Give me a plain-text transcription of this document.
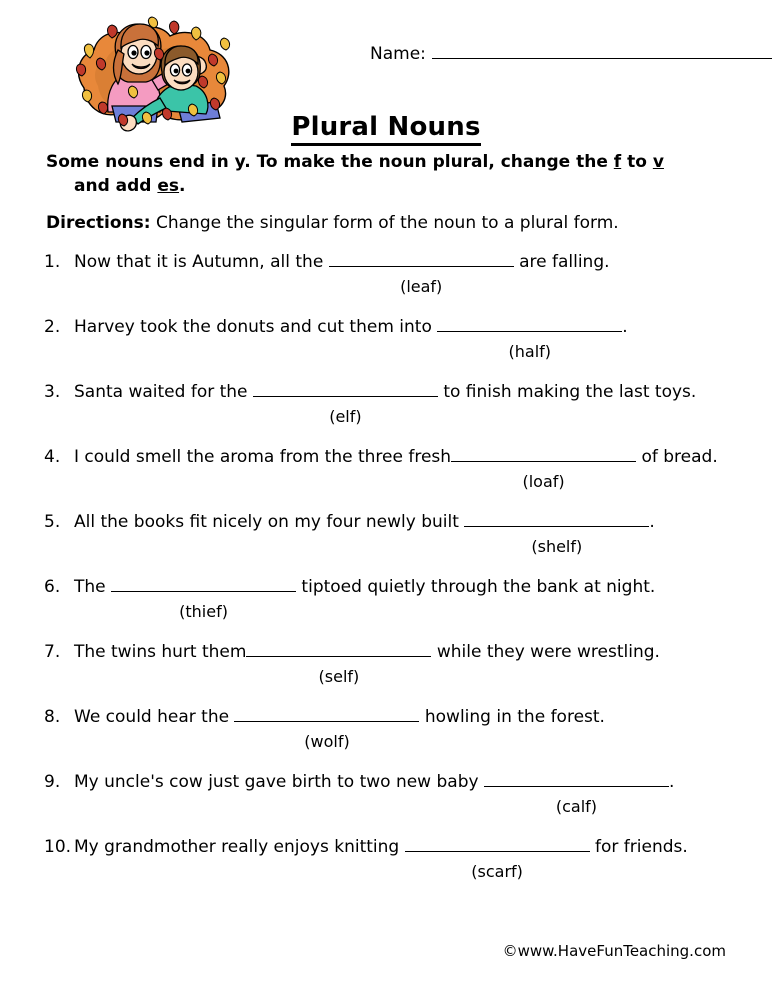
Name:
Plural Nouns

Some nouns end in y. To make the noun plural, change the f to v
and add es.

Directions: Change the singular form of the noun to a plural form.

1. Now that it is Autumn, all the
(leaf)
are falling.
2. Harvey took the donuts and cut them into
(half)
.
3. Santa waited for the
(elf)
to finish making the last toys.
4. I could smell the aroma from the three fresh
(loaf)
of bread.
5. All the books fit nicely on my four newly built
(shelf)
.
6. The
(thief)
tiptoed quietly through the bank at night.
7. The twins hurt them
(self)
while they were wrestling.
8. We could hear the
(wolf)
howling in the forest.
9. My uncle's cow just gave birth to two new baby
(calf)
.
10. My grandmother really enjoys knitting
(scarf)
for friends.
©www.HaveFunTeaching.com
